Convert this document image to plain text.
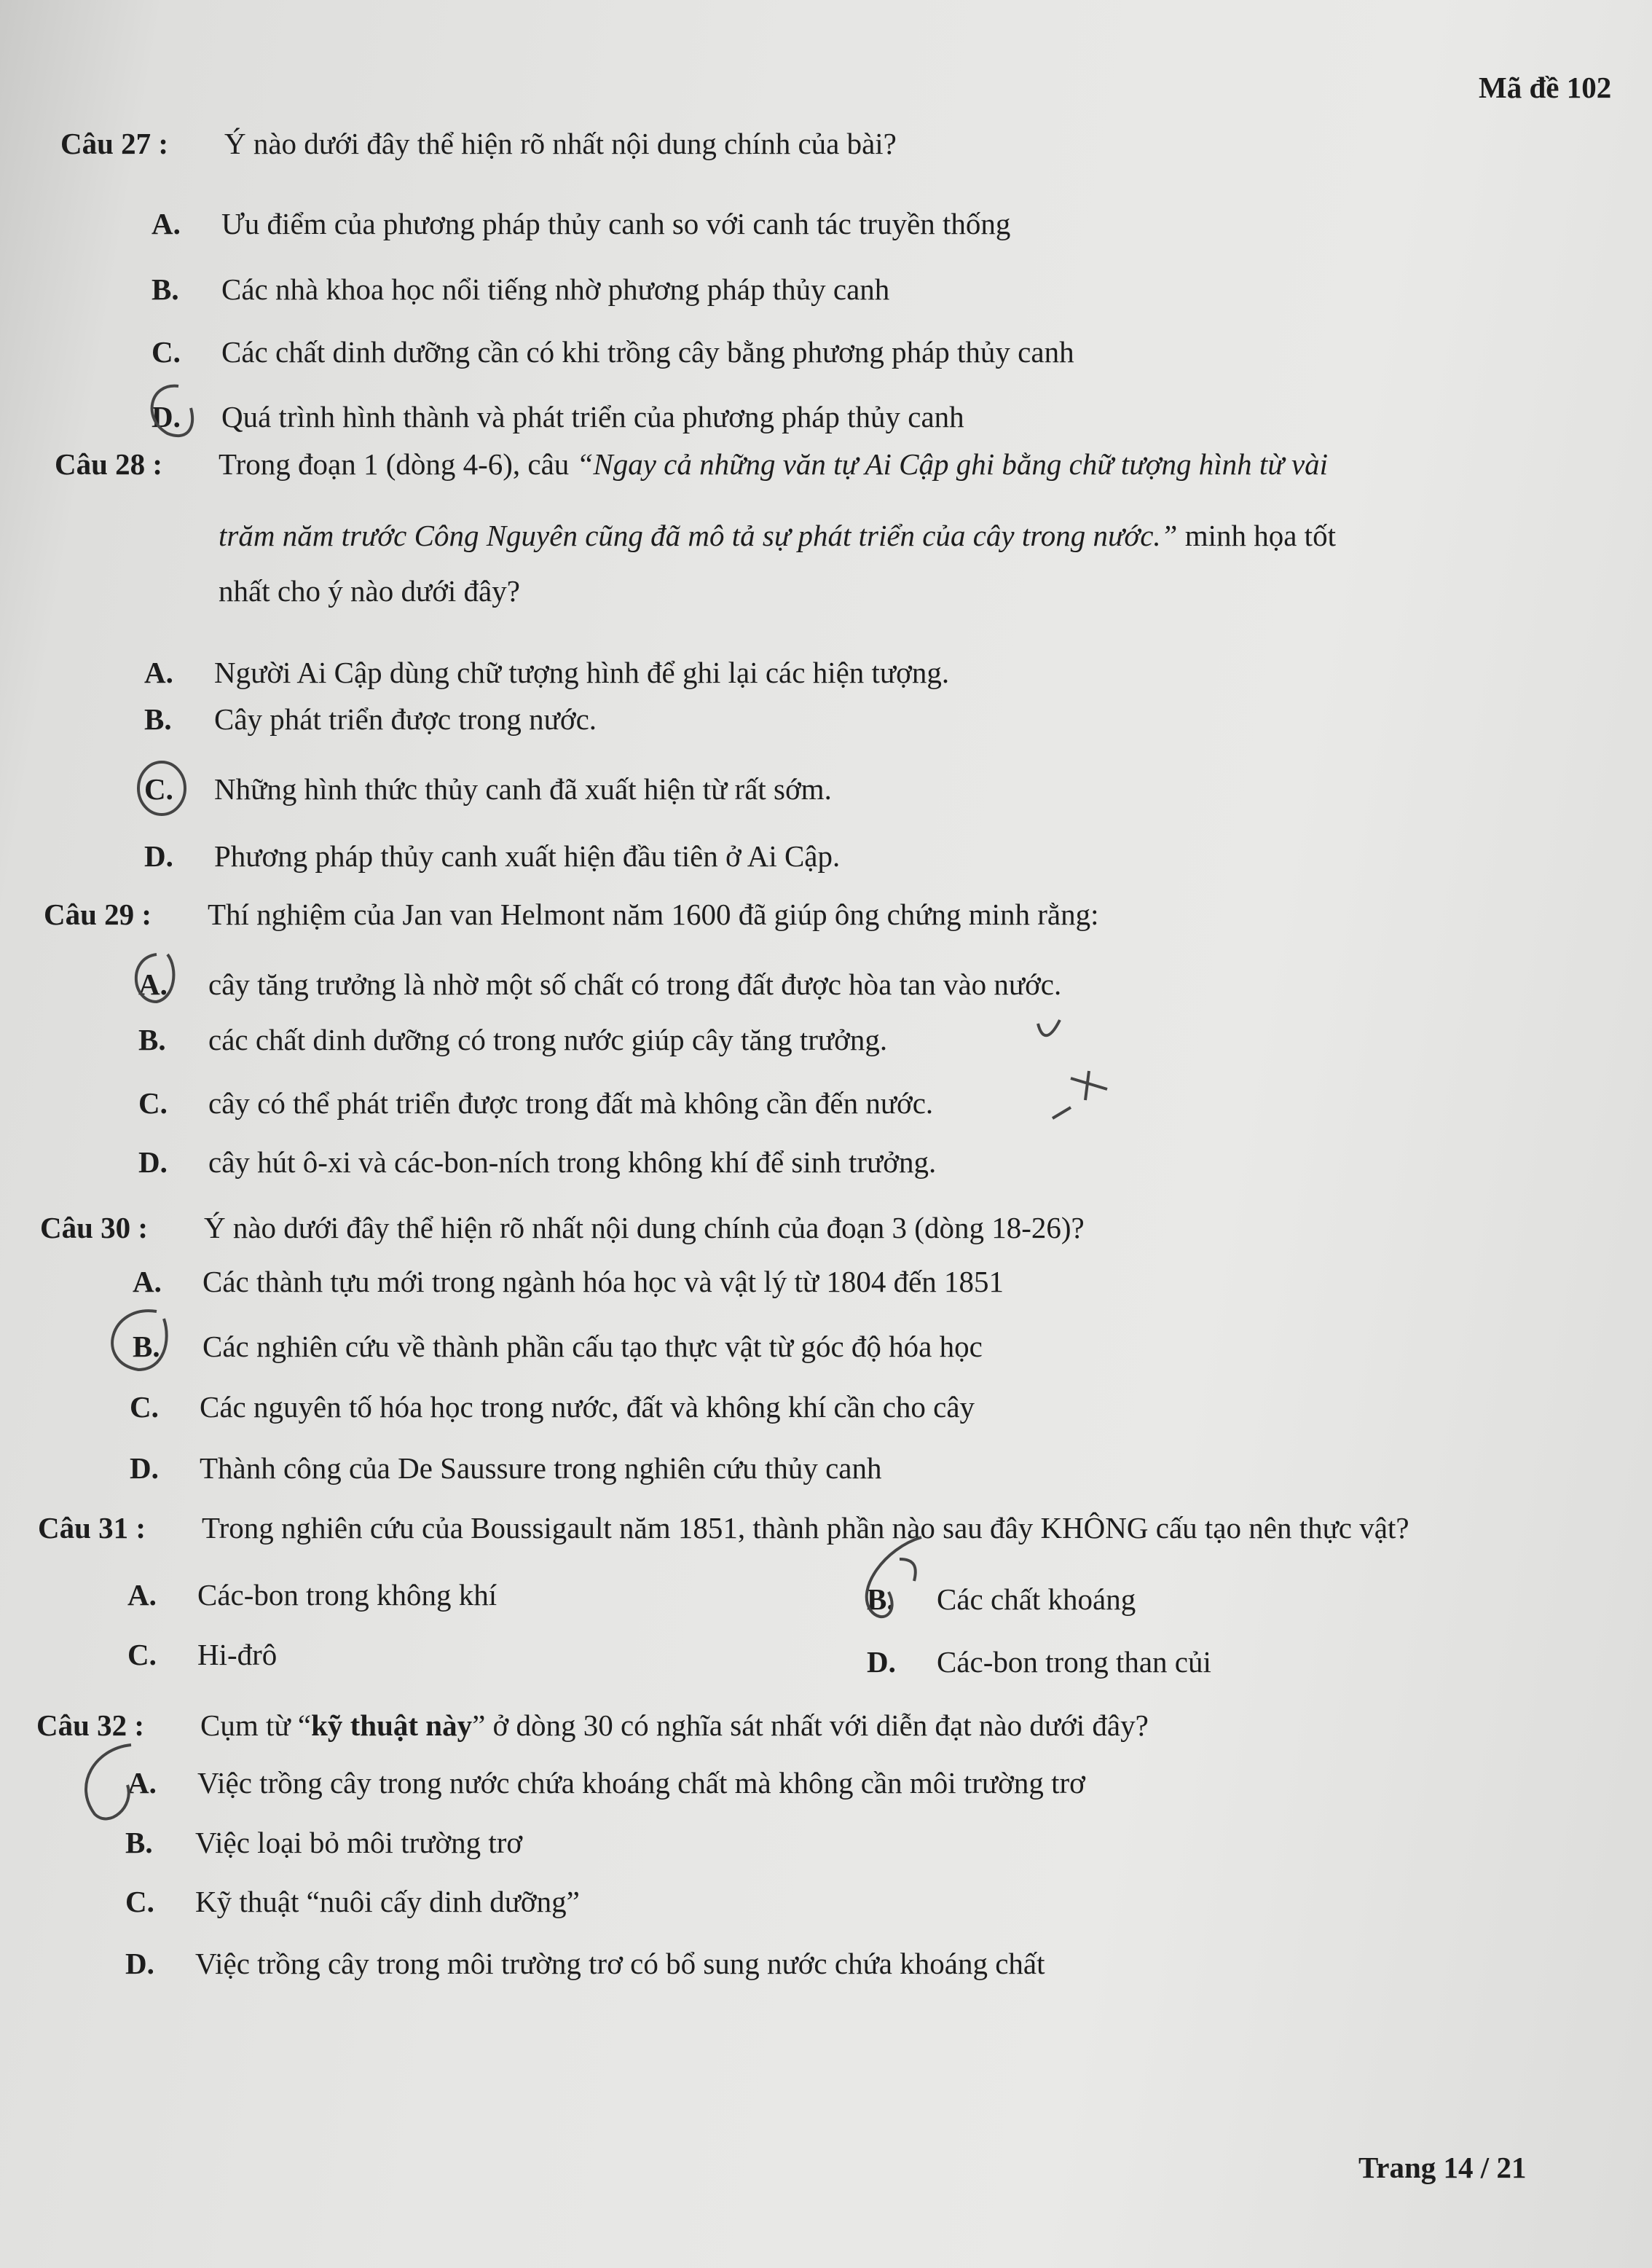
Mã đề 102
Câu 27 : Ý nào dưới đây thể hiện rõ nhất nội dung chính của bài?
A. Ưu điểm của phương pháp thủy canh so với canh tác truyền thống
B. Các nhà khoa học nổi tiếng nhờ phương pháp thủy canh
C. Các chất dinh dưỡng cần có khi trồng cây bằng phương pháp thủy canh
D. Quá trình hình thành và phát triển của phương pháp thủy canh
Câu 28 : Trong đoạn 1 (dòng 4-6), câu “Ngay cả những văn tự Ai Cập ghi bằng chữ tượng hình từ vài
trăm năm trước Công Nguyên cũng đã mô tả sự phát triển của cây trong nước.” minh họa tốt
nhất cho ý nào dưới đây?
A. Người Ai Cập dùng chữ tượng hình để ghi lại các hiện tượng.
B. Cây phát triển được trong nước.
C. Những hình thức thủy canh đã xuất hiện từ rất sớm.
D. Phương pháp thủy canh xuất hiện đầu tiên ở Ai Cập.
Câu 29 : Thí nghiệm của Jan van Helmont năm 1600 đã giúp ông chứng minh rằng:
A. cây tăng trưởng là nhờ một số chất có trong đất được hòa tan vào nước.
B. các chất dinh dưỡng có trong nước giúp cây tăng trưởng.
C. cây có thể phát triển được trong đất mà không cần đến nước.
D. cây hút ô-xi và các-bon-ních trong không khí để sinh trưởng.
Câu 30 : Ý nào dưới đây thể hiện rõ nhất nội dung chính của đoạn 3 (dòng 18-26)?
A. Các thành tựu mới trong ngành hóa học và vật lý từ 1804 đến 1851
B. Các nghiên cứu về thành phần cấu tạo thực vật từ góc độ hóa học
C. Các nguyên tố hóa học trong nước, đất và không khí cần cho cây
D. Thành công của De Saussure trong nghiên cứu thủy canh
Câu 31 : Trong nghiên cứu của Boussigault năm 1851, thành phần nào sau đây KHÔNG cấu tạo nên thực vật?
A. Các-bon trong không khí	B. Các chất khoáng
C. Hi-đrô	D. Các-bon trong than củi
Câu 32 : Cụm từ “kỹ thuật này” ở dòng 30 có nghĩa sát nhất với diễn đạt nào dưới đây?
A. Việc trồng cây trong nước chứa khoáng chất mà không cần môi trường trơ
B. Việc loại bỏ môi trường trơ
C. Kỹ thuật “nuôi cấy dinh dưỡng”
D. Việc trồng cây trong môi trường trơ có bổ sung nước chứa khoáng chất
Trang 14 / 21
